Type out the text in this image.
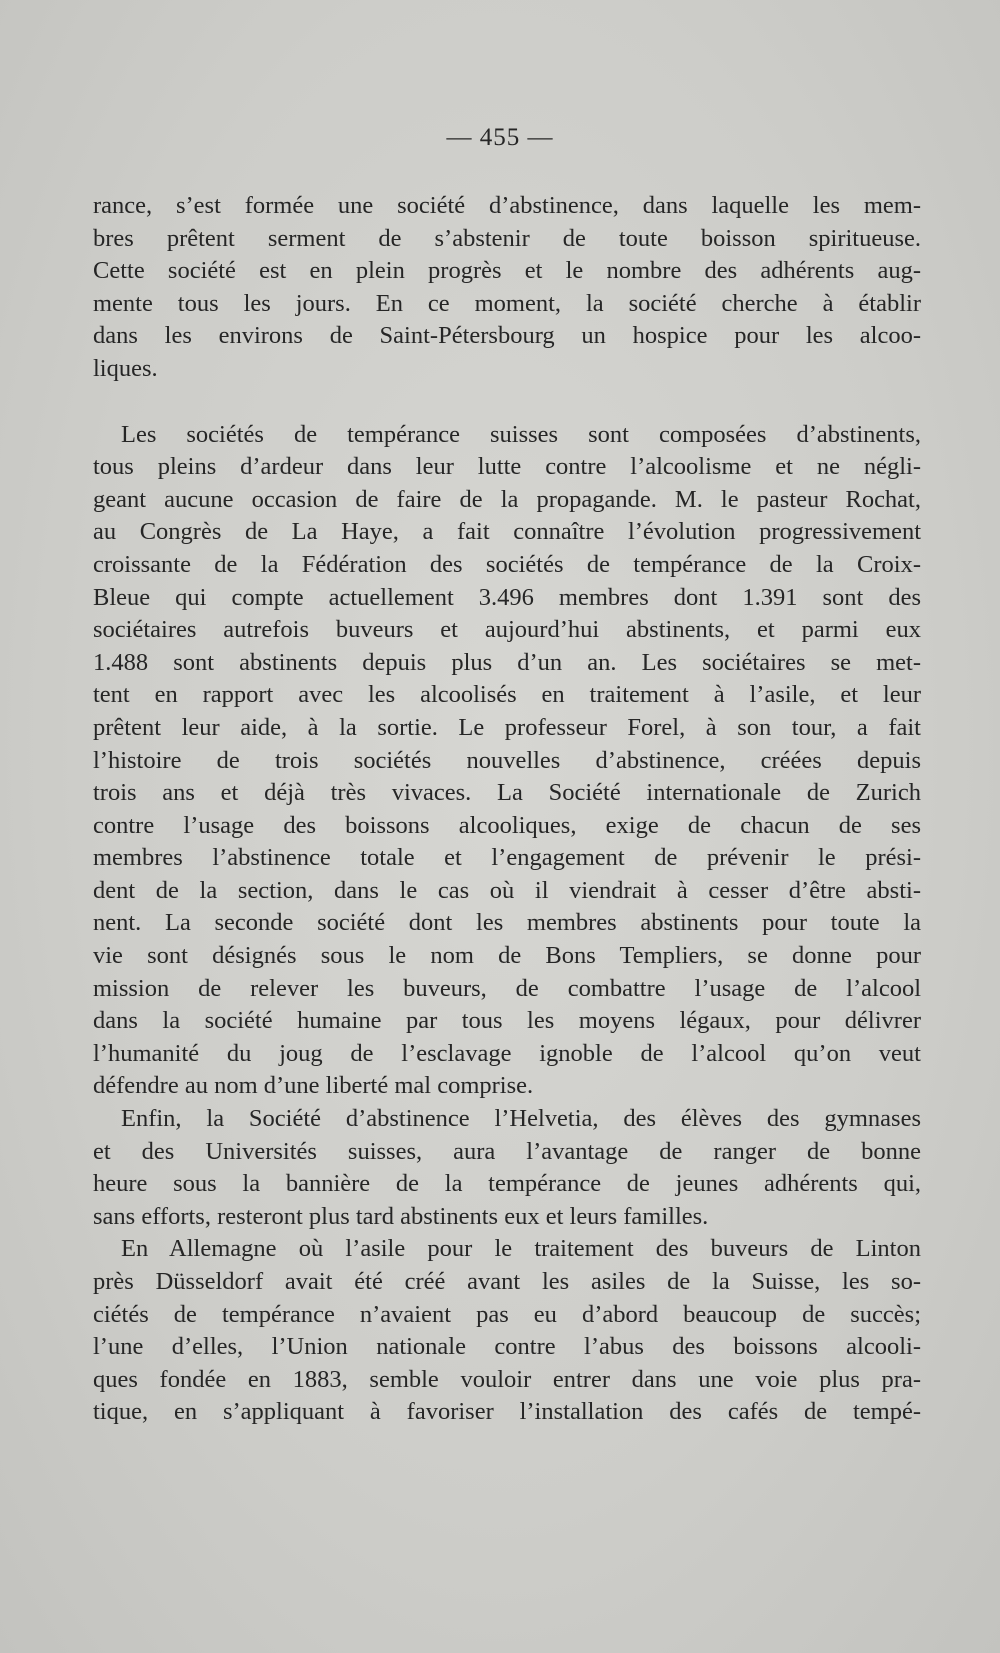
— 455 —
rance, s’est formée une société d’abstinence, dans laquelle les mem-
bres prêtent serment de s’abstenir de toute boisson spiritueuse.
Cette société est en plein progrès et le nombre des adhérents aug-
mente tous les jours. En ce moment, la société cherche à établir
dans les environs de Saint-Pétersbourg un hospice pour les alcoo-
liques.
Les sociétés de tempérance suisses sont composées d’abstinents,
tous pleins d’ardeur dans leur lutte contre l’alcoolisme et ne négli-
geant aucune occasion de faire de la propagande. M. le pasteur Rochat,
au Congrès de La Haye, a fait connaître l’évolution progressivement
croissante de la Fédération des sociétés de tempérance de la Croix-
Bleue qui compte actuellement 3.496 membres dont 1.391 sont des
sociétaires autrefois buveurs et aujourd’hui abstinents, et parmi eux
1.488 sont abstinents depuis plus d’un an. Les sociétaires se met-
tent en rapport avec les alcoolisés en traitement à l’asile, et leur
prêtent leur aide, à la sortie. Le professeur Forel, à son tour, a fait
l’histoire de trois sociétés nouvelles d’abstinence, créées depuis
trois ans et déjà très vivaces. La Société internationale de Zurich
contre l’usage des boissons alcooliques, exige de chacun de ses
membres l’abstinence totale et l’engagement de prévenir le prési-
dent de la section, dans le cas où il viendrait à cesser d’être absti-
nent. La seconde société dont les membres abstinents pour toute la
vie sont désignés sous le nom de Bons Templiers, se donne pour
mission de relever les buveurs, de combattre l’usage de l’alcool
dans la société humaine par tous les moyens légaux, pour délivrer
l’humanité du joug de l’esclavage ignoble de l’alcool qu’on veut
défendre au nom d’une liberté mal comprise.
Enfin, la Société d’abstinence l’Helvetia, des élèves des gymnases
et des Universités suisses, aura l’avantage de ranger de bonne
heure sous la bannière de la tempérance de jeunes adhérents qui,
sans efforts, resteront plus tard abstinents eux et leurs familles.
En Allemagne où l’asile pour le traitement des buveurs de Linton
près Düsseldorf avait été créé avant les asiles de la Suisse, les so-
ciétés de tempérance n’avaient pas eu d’abord beaucoup de succès;
l’une d’elles, l’Union nationale contre l’abus des boissons alcooli-
ques fondée en 1883, semble vouloir entrer dans une voie plus pra-
tique, en s’appliquant à favoriser l’installation des cafés de tempé-
